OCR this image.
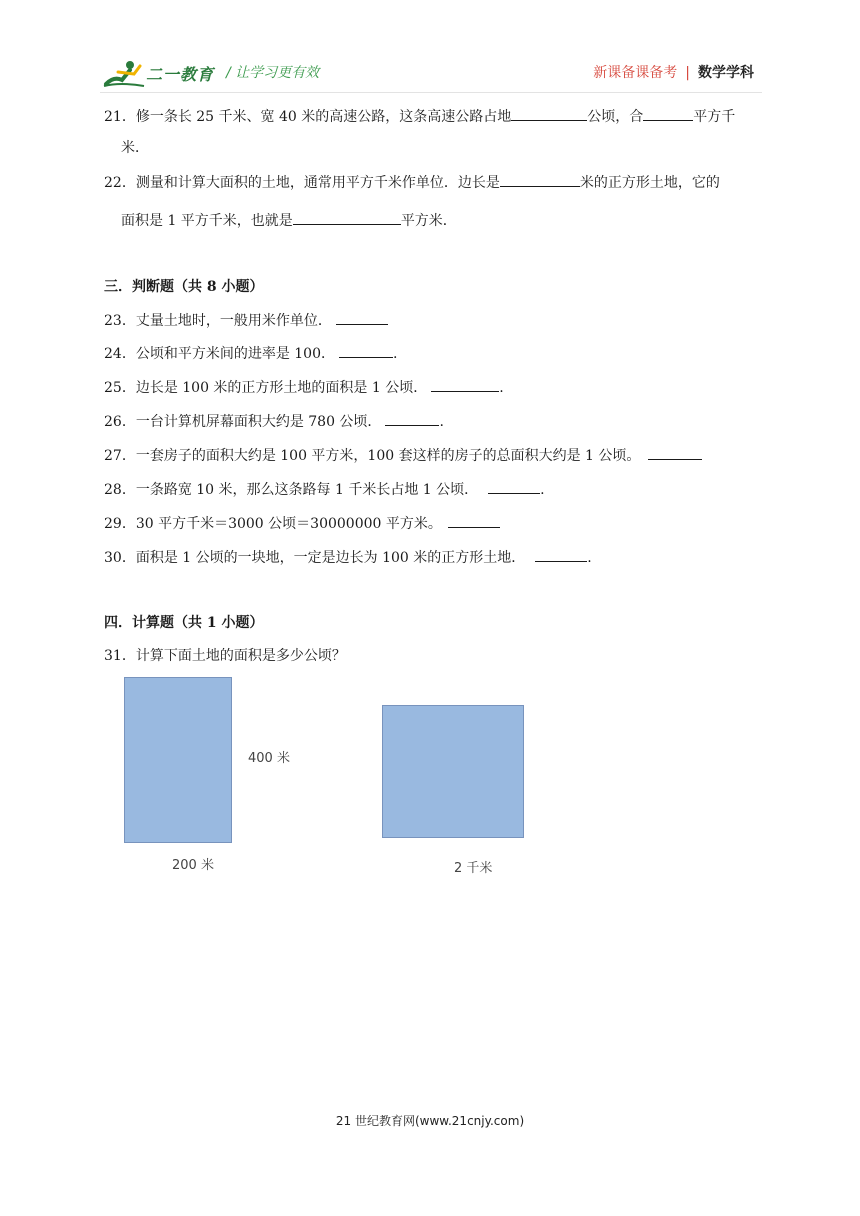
二一教育 / 让学习更有效	新课备课备考 | 数学学科
21．修一条长 25 千米、宽 40 米的高速公路，这条高速公路占地	公顷，合	平方千
米．
22．测量和计算大面积的土地，通常用平方千米作单位．边长是	米的正方形土地，它的
面积是 1 平方千米，也就是	平方米．
三．判断题（共 8 小题）
23．丈量土地时，一般用米作单位．
24．公顷和平方米间的进率是 100．	.
25．边长是 100 米的正方形土地的面积是 1 公顷．	.
26．一台计算机屏幕面积大约是 780 公顷．	.
27．一套房子的面积大约是 100 平方米，100 套这样的房子的总面积大约是 1 公顷。
28．一条路宽 10 米，那么这条路每 1 千米长占地 1 公顷．	.
29．30 平方千米＝3000 公顷＝30000000 平方米。
30．面积是 1 公顷的一块地，一定是边长为 100 米的正方形土地．	.
四．计算题（共 1 小题）
31．计算下面土地的面积是多少公顷？
400 米
200 米	2 千米
21 世纪教育网(www.21cnjy.com)
